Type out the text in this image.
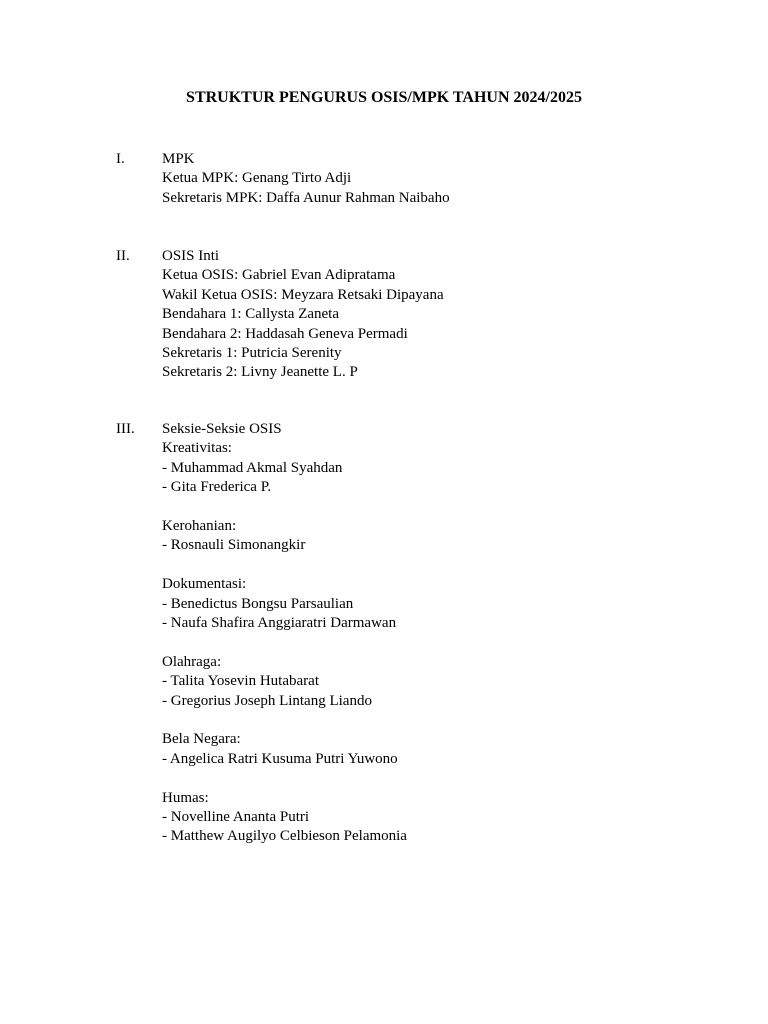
STRUKTUR PENGURUS OSIS/MPK TAHUN 2024/2025
I. MPK
Ketua MPK: Genang Tirto Adji
Sekretaris MPK: Daffa Aunur Rahman Naibaho
II. OSIS Inti
Ketua OSIS: Gabriel Evan Adipratama
Wakil Ketua OSIS: Meyzara Retsaki Dipayana
Bendahara 1: Callysta Zaneta
Bendahara 2: Haddasah Geneva Permadi
Sekretaris 1: Putricia Serenity
Sekretaris 2: Livny Jeanette L. P
III. Seksie-Seksie OSIS
Kreativitas:
- Muhammad Akmal Syahdan
- Gita Frederica P.
Kerohanian:
- Rosnauli Simonangkir
Dokumentasi:
- Benedictus Bongsu Parsaulian
- Naufa Shafira Anggiaratri Darmawan
Olahraga:
- Talita Yosevin Hutabarat
- Gregorius Joseph Lintang Liando
Bela Negara:
- Angelica Ratri Kusuma Putri Yuwono
Humas:
- Novelline Ananta Putri
- Matthew Augilyo Celbieson Pelamonia
